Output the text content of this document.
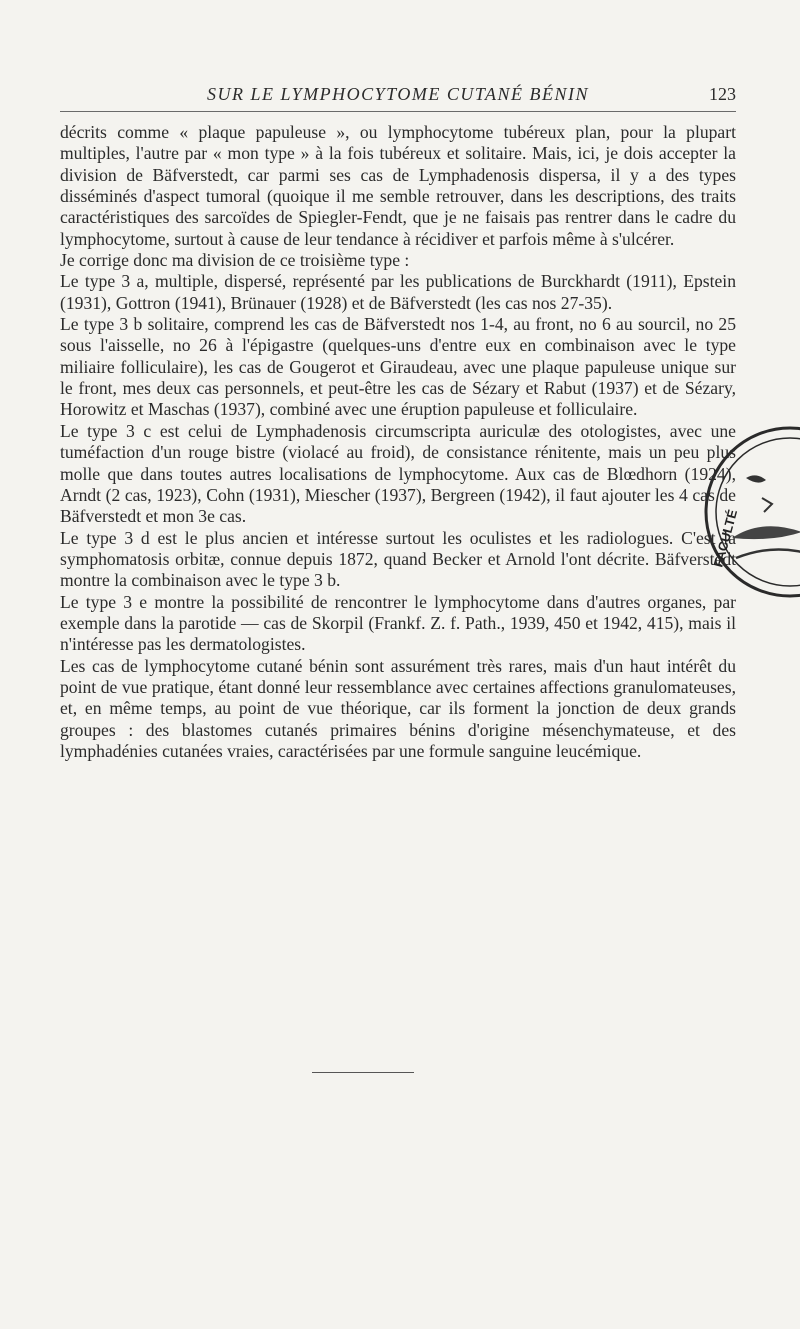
SUR LE LYMPHOCYTOME CUTANÉ BÉNIN	123

décrits comme « plaque papuleuse », ou lymphocytome tubéreux plan, pour la plupart multiples, l'autre par « mon type » à la fois tubéreux et solitaire. Mais, ici, je dois accepter la division de Bäfverstedt, car parmi ses cas de Lymphadenosis dispersa, il y a des types disséminés d'aspect tumoral (quoique il me semble retrouver, dans les descriptions, des traits caractéristiques des sarcoïdes de Spiegler-Fendt, que je ne faisais pas rentrer dans le cadre du lymphocytome, surtout à cause de leur tendance à récidiver et parfois même à s'ulcérer.

Je corrige donc ma division de ce troisième type :

Le type 3 a, multiple, dispersé, représenté par les publications de Burckhardt (1911), Epstein (1931), Gottron (1941), Brünauer (1928) et de Bäfverstedt (les cas nos 27-35).

Le type 3 b solitaire, comprend les cas de Bäfverstedt nos 1-4, au front, no 6 au sourcil, no 25 sous l'aisselle, no 26 à l'épigastre (quelques-uns d'entre eux en combinaison avec le type miliaire folliculaire), les cas de Gougerot et Giraudeau, avec une plaque papuleuse unique sur le front, mes deux cas personnels, et peut-être les cas de Sézary et Rabut (1937) et de Sézary, Horowitz et Maschas (1937), combiné avec une éruption papuleuse et folliculaire.

Le type 3 c est celui de Lymphadenosis circumscripta auriculæ des otologistes, avec une tuméfaction d'un rouge bistre (violacé au froid), de consistance rénitente, mais un peu plus molle que dans toutes autres localisations de lymphocytome. Aux cas de Blœdhorn (1924), Arndt (2 cas, 1923), Cohn (1931), Miescher (1937), Bergreen (1942), il faut ajouter les 4 cas de Bäfverstedt et mon 3e cas.

Le type 3 d est le plus ancien et intéresse surtout les oculistes et les radiologues. C'est la symphomatosis orbitæ, connue depuis 1872, quand Becker et Arnold l'ont décrite. Bäfverstedt montre la combinaison avec le type 3 b.

Le type 3 e montre la possibilité de rencontrer le lymphocytome dans d'autres organes, par exemple dans la parotide — cas de Skorpil (Frankf. Z. f. Path., 1939, 450 et 1942, 415), mais il n'intéresse pas les dermatologistes.

Les cas de lymphocytome cutané bénin sont assurément très rares, mais d'un haut intérêt du point de vue pratique, étant donné leur ressemblance avec certaines affections granulomateuses, et, en même temps, au point de vue théorique, car ils forment la jonction de deux grands groupes : des blastomes cutanés primaires bénins d'origine mésenchymateuse, et des lymphadénies cutanées vraies, caractérisées par une formule sanguine leucémique.

FACULTÉ
